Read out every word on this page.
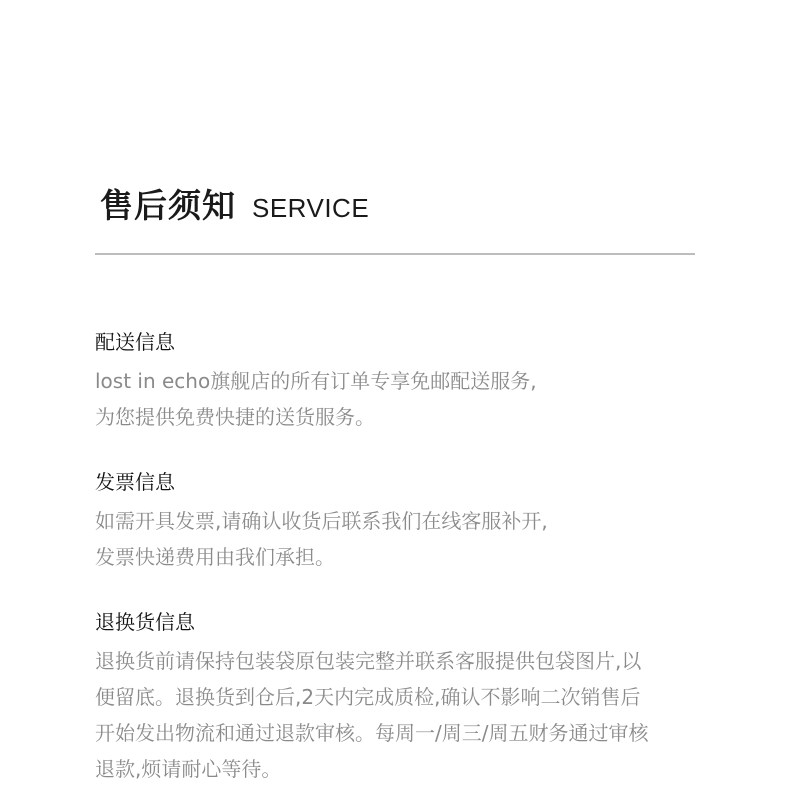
售后须知 SERVICE
配送信息
lost in echo旗舰店的所有订单专享免邮配送服务,
为您提供免费快捷的送货服务。
发票信息
如需开具发票,请确认收货后联系我们在线客服补开,
发票快递费用由我们承担。
退换货信息
退换货前请保持包装袋原包装完整并联系客服提供包袋图片,以
便留底。退换货到仓后,2天内完成质检,确认不影响二次销售后
开始发出物流和通过退款审核。每周一/周三/周五财务通过审核
退款,烦请耐心等待。
